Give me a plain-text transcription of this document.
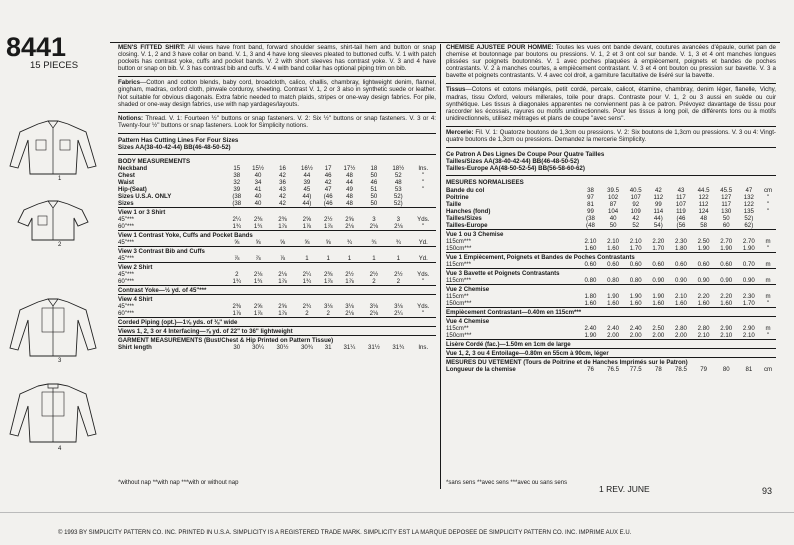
8441
15 PIECES
1
2
3
4

MEN'S FITTED SHIRT: All views have front band, forward shoulder seams, shirt-tail hem and button or snap closing. V. 1, 2 and 3 have collar on band. V. 1, 3 and 4 have long sleeves pleated to buttoned cuffs. V. 1 with patch pockets has contrast yoke, cuffs and pocket bands. V. 2 with short sleeves has contrast yoke. V. 3 and 4 have button or snap on bib. V. 3 has contrast bib and cuffs. V. 4 with band collar has optional piping trim on bib.

Fabrics—Cotton and cotton blends, baby cord, broadcloth, calico, challis, chambray, lightweight denim, flannel, gingham, madras, oxford cloth, pinwale corduroy, sheeting. Contrast V. 1, 2 or 3 also in synthetic suede or leather. Not suitable for obvious diagonals. Extra fabric needed to match plaids, stripes or one-way design fabrics. For pile, shaded or one-way design fabrics, use with nap yardages/layouts.

Notions: Thread. V. 1: Fourteen ½" buttons or snap fasteners. V. 2: Six ½" buttons or snap fasteners. V. 3 or 4: Twenty-four ½" buttons or snap fasteners. Look for Simplicity notions.

Pattern Has Cutting Lines For Four Sizes
Sizes AA(38-40-42-44) BB(46-48-50-52)
BODY MEASUREMENTS
Neckband	15	15½	16	16½	17	17½	18	18½	Ins.
Chest	38	40	42	44	46	48	50	52	"
Waist	32	34	36	39	42	44	46	48	"
Hip-(Seat)	39	41	43	45	47	49	51	53	"
Sizes U.S.A. ONLY	(38	40	42	44)	(46	48	50	52)	
Sizes	(38	40	42	44)	(46	48	50	52)	
View 1 or 3 Shirt									
45"***	2¼	2⅜	2⅜	2⅝	2½	2⅝	3	3	Yds.
60"***	1¾	1¾	1⅞	1⅞	1⅞	2⅛	2⅛	2⅛	"
View 1 Contrast Yoke, Cuffs and Pocket Bands									
45"***	⅝	⅝	⅝	⅝	⅝	¾	¾	¾	Yd.
View 3 Contrast Bib and Cuffs									
45"***	⅞	⅞	⅞	1	1	1	1	1	Yd.
View 2 Shirt									
45"***	2	2⅛	2⅛	2¼	2⅜	2½	2½	2½	Yds.
60"***	1¾	1¾	1⅞	1¾	1⅞	1⅞	2	2	"
Contrast Yoke—½ yd. of 45"***									
View 4 Shirt									
45"***	2⅜	2⅝	2⅝	2¾	3⅛	3⅛	3⅛	3⅛	Yds.
60"***	1⅞	1⅞	1⅞	2	2	2⅛	2⅛	2¼	"
Corded Piping (opt.)—1⅝ yds. of ⅜" wide									
Views 1, 2, 3 or 4 Interfacing—⅞ yd. of 22" to 36" lightweight									
GARMENT MEASUREMENTS (Bust/Chest & Hip Printed on Pattern Tissue)									
Shirt length	30	30¼	30½	30¾	31	31¼	31½	31¾	Ins.

CHEMISE AJUSTEE POUR HOMME: Toutes les vues ont bande devant, coutures avancées d'épaule, ourlet pan de chemise et boutonnage par boutons ou pressions. V. 1, 2 et 3 ont col sur bande. V. 1, 3 et 4 ont manches longues plissées sur poignets boutonnés. V. 1 avec poches plaquées à empiècement, poignets et bandes de poches contrastants. V. 2 à manches courtes, a empiècement contrastant. V. 3 et 4 ont bouton ou pression sur bavette. V. 3 a bavette et poignets contrastants. V. 4 avec col droit, a garniture facultative de liséré sur la bavette.

Tissus—Cotons et cotons mélangés, petit cordé, percale, calicot, étamine, chambray, denim léger, flanelle, Vichy, madras, tissu Oxford, velours millerales, toile pour draps. Contraste pour V. 1, 2 ou 3 aussi en suède ou cuir synthétique. Les tissus à diagonales apparentes ne conviennent pas à ce patron. Prévoyez davantage de tissu pour raccorder les écossais, rayures ou motifs unidirectionnels. Pour les tissus à long poil, de différents tons ou à motifs unidirectionnels, utilisez métrages et plans de coupe "avec sens".

Mercerie: Fil. V. 1: Quatorze boutons de 1,3cm ou pressions. V. 2: Six boutons de 1,3cm ou pressions. V. 3 ou 4: Vingt-quatre boutons de 1,3cm ou pressions. Demandez la mercerie Simplicity.

Ce Patron A Des Lignes De Coupe Pour Quatre Tailles
Tailles/Sizes AA(38-40-42-44) BB(46-48-50-52)
Tailles-Europe AA(48-50-52-54) BB(56-58-60-62)
MESURES NORMALISEES
Bande du col	38	39.5	40.5	42	43	44.5	45.5	47	cm
Poitrine	97	102	107	112	117	122	127	132	"
Taille	81	87	92	99	107	112	117	122	"
Hanches (fond)	99	104	109	114	119	124	130	135	"
Tailles/Sizes	(38	40	42	44)	(46	48	50	52)	
Tailles-Europe	(48	50	52	54)	(56	58	60	62)	
Vue 1 ou 3 Chemise									
115cm***	2.10	2.10	2.10	2.20	2.30	2.50	2.70	2.70	m
150cm***	1.60	1.60	1.70	1.70	1.80	1.90	1.90	1.90	"
Vue 1 Empiècement, Poignets et Bandes de Poches Contrastants									
115cm***	0.60	0.60	0.60	0.60	0.60	0.60	0.60	0.70	m
Vue 3 Bavette et Poignets Contrastants									
115cm***	0.80	0.80	0.80	0.90	0.90	0.90	0.90	0.90	m
Vue 2 Chemise									
115cm**	1.80	1.90	1.90	1.90	2.10	2.20	2.20	2.30	m
150cm***	1.60	1.60	1.60	1.60	1.60	1.60	1.60	1.70	"
Empiècement Contrastant—0.40m en 115cm***									
Vue 4 Chemise									
115cm**	2.40	2.40	2.40	2.50	2.80	2.80	2.90	2.90	m
150cm***	1.90	2.00	2.00	2.00	2.00	2.10	2.10	2.10	"
Lisère Cordé (fac.)—1.50m en 1cm de large									
Vue 1, 2, 3 ou 4 Entoilage—0.80m en 55cm à 90cm, léger									
MESURES DU VETEMENT (Tours de Poitrine et de Hanches Imprimés sur le Patron)									
Longueur de la chemise	76	76.5	77.5	78	78.5	79	80	81	cm
*without nap **with nap ***with or without nap	*sans sens **avec sens ***avec ou sans sens
1 REV. JUNE	93
© 1993 BY SIMPLICITY PATTERN CO. INC. PRINTED IN U.S.A. SIMPLICITY IS A REGISTERED TRADE MARK. SIMPLICITY EST LA MARQUE DEPOSEE DE SIMPLICITY PATTERN CO. INC. IMPRIME AUX E.U.
